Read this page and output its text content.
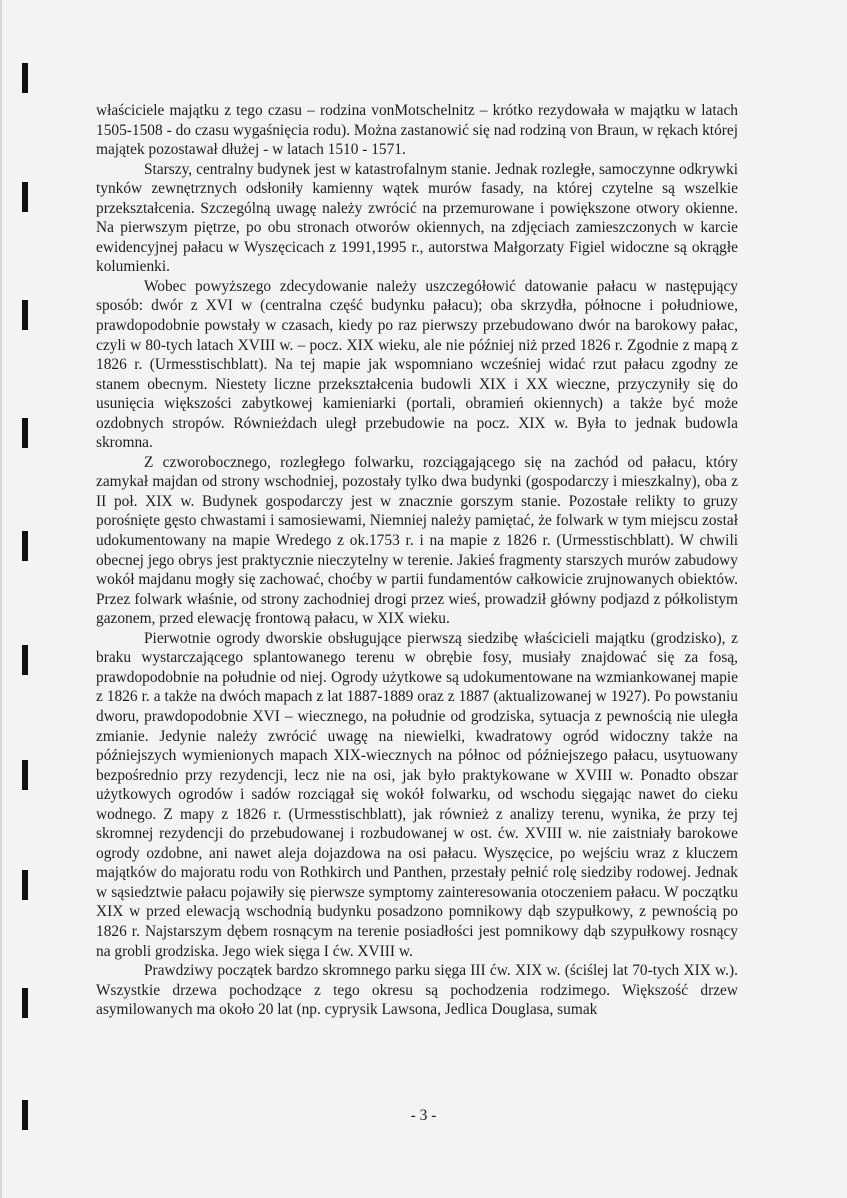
właściciele majątku z tego czasu – rodzina vonMotschelnitz – krótko rezydowała w majątku w latach 1505-1508 - do czasu wygaśnięcia rodu). Można zastanowić się nad rodziną von Braun, w rękach której majątek pozostawał dłużej - w latach 1510 - 1571.

Starszy, centralny budynek jest w katastrofalnym stanie. Jednak rozległe, samoczynne odkrywki tynków zewnętrznych odsłoniły kamienny wątek murów fasady, na której czytelne są wszelkie przekształcenia. Szczególną uwagę należy zwrócić na przemurowane i powiększone otwory okienne. Na pierwszym piętrze, po obu stronach otworów okiennych, na zdjęciach zamieszczonych w karcie ewidencyjnej pałacu w Wyszęcicach z 1991,1995 r., autorstwa Małgorzaty Figiel widoczne są okrągłe kolumienki.

Wobec powyższego zdecydowanie należy uszczegółowić datowanie pałacu w następujący sposób: dwór z XVI w (centralna część budynku pałacu); oba skrzydła, północne i południowe, prawdopodobnie powstały w czasach, kiedy po raz pierwszy przebudowano dwór na barokowy pałac, czyli w 80-tych latach XVIII w. – pocz. XIX wieku, ale nie później niż przed 1826 r. Zgodnie z mapą z 1826 r. (Urmesstischblatt). Na tej mapie jak wspomniano wcześniej widać rzut pałacu zgodny ze stanem obecnym. Niestety liczne przekształcenia budowli XIX i XX wieczne, przyczyniły się do usunięcia większości zabytkowej kamieniarki (portali, obramień okiennych) a także być może ozdobnych stropów. Równieżdach uległ przebudowie na pocz. XIX w. Była to jednak budowla skromna.

Z czworobocznego, rozległego folwarku, rozciągającego się na zachód od pałacu, który zamykał majdan od strony wschodniej, pozostały tylko dwa budynki (gospodarczy i mieszkalny), oba z II poł. XIX w. Budynek gospodarczy jest w znacznie gorszym stanie. Pozostałe relikty to gruzy porośnięte gęsto chwastami i samosiewami, Niemniej należy pamiętać, że folwark w tym miejscu został udokumentowany na mapie Wredego z ok.1753 r. i na mapie z 1826 r. (Urmesstischblatt). W chwili obecnej jego obrys jest praktycznie nieczytelny w terenie. Jakieś fragmenty starszych murów zabudowy wokół majdanu mogły się zachować, choćby w partii fundamentów całkowicie zrujnowanych obiektów. Przez folwark właśnie, od strony zachodniej drogi przez wieś, prowadził główny podjazd z półkolistym gazonem, przed elewację frontową pałacu, w XIX wieku.

Pierwotnie ogrody dworskie obsługujące pierwszą siedzibę właścicieli majątku (grodzisko), z braku wystarczającego splantowanego terenu w obrębie fosy, musiały znajdować się za fosą, prawdopodobnie na południe od niej. Ogrody użytkowe są udokumentowane na wzmiankowanej mapie z 1826 r. a także na dwóch mapach z lat 1887-1889 oraz z 1887 (aktualizowanej w 1927). Po powstaniu dworu, prawdopodobnie XVI – wiecznego, na południe od grodziska, sytuacja z pewnością nie uległa zmianie. Jedynie należy zwrócić uwagę na niewielki, kwadratowy ogród widoczny także na późniejszych wymienionych mapach XIX-wiecznych na północ od późniejszego pałacu, usytuowany bezpośrednio przy rezydencji, lecz nie na osi, jak było praktykowane w XVIII w. Ponadto obszar użytkowych ogrodów i sadów rozciągał się wokół folwarku, od wschodu sięgając nawet do cieku wodnego. Z mapy z 1826 r. (Urmesstischblatt), jak również z analizy terenu, wynika, że przy tej skromnej rezydencji do przebudowanej i rozbudowanej w ost. ćw. XVIII w. nie zaistniały barokowe ogrody ozdobne, ani nawet aleja dojazdowa na osi pałacu. Wyszęcice, po wejściu wraz z kluczem majątków do majoratu rodu von Rothkirch und Panthen, przestały pełnić rolę siedziby rodowej. Jednak w sąsiedztwie pałacu pojawiły się pierwsze symptomy zainteresowania otoczeniem pałacu. W początku XIX w przed elewacją wschodnią budynku posadzono pomnikowy dąb szypułkowy, z pewnością po 1826 r. Najstarszym dębem rosnącym na terenie posiadłości jest pomnikowy dąb szypułkowy rosnący na grobli grodziska. Jego wiek sięga I ćw. XVIII w.

Prawdziwy początek bardzo skromnego parku sięga III ćw. XIX w. (ściślej lat 70-tych XIX w.). Wszystkie drzewa pochodzące z tego okresu są pochodzenia rodzimego. Większość drzew asymilowanych ma około 20 lat (np. cyprysik Lawsona, Jedlica Douglasa, sumak

- 3 -
